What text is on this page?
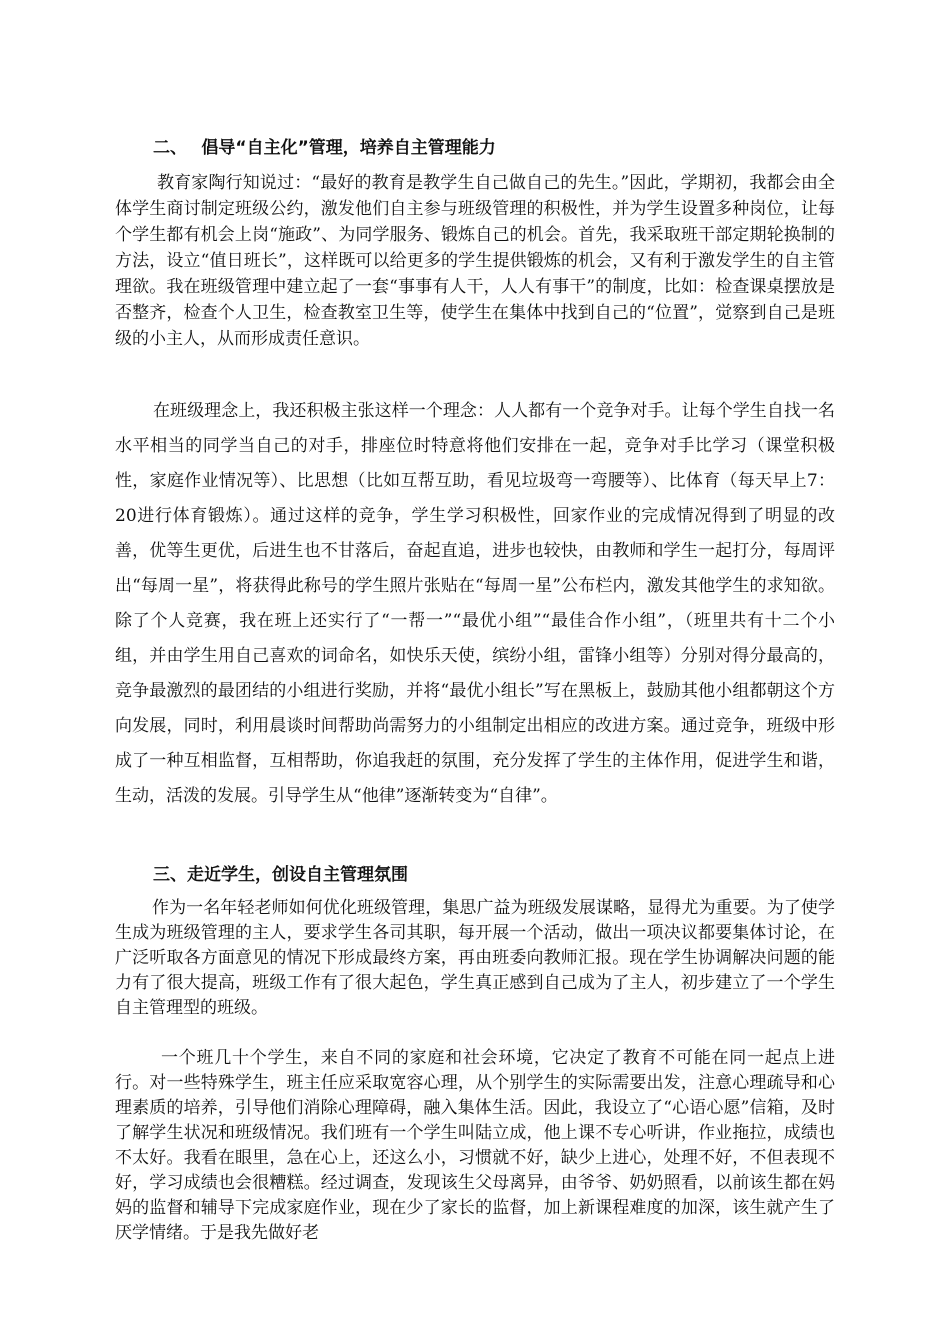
二、　 倡导“自主化”管理，培养自主管理能力

教育家陶行知说过：“最好的教育是教学生自己做自己的先生。”因此，学期初，我都会由全体学生商讨制定班级公约，激发他们自主参与班级管理的积极性，并为学生设置多种岗位，让每个学生都有机会上岗“施政”、为同学服务、锻炼自己的机会。首先，我采取班干部定期轮换制的方法，设立“值日班长”，这样既可以给更多的学生提供锻炼的机会，又有利于激发学生的自主管理欲。我在班级管理中建立起了一套“事事有人干，人人有事干”的制度，比如：检查课桌摆放是否整齐，检查个人卫生，检查教室卫生等，使学生在集体中找到自己的“位置”，觉察到自己是班级的小主人，从而形成责任意识。

在班级理念上，我还积极主张这样一个理念：人人都有一个竞争对手。让每个学生自找一名水平相当的同学当自己的对手，排座位时特意将他们安排在一起，竞争对手比学习（课堂积极性，家庭作业情况等）、比思想（比如互帮互助，看见垃圾弯一弯腰等）、比体育（每天早上7：20进行体育锻炼）。通过这样的竞争，学生学习积极性，回家作业的完成情况得到了明显的改善，优等生更优，后进生也不甘落后，奋起直追，进步也较快，由教师和学生一起打分，每周评出“每周一星”，将获得此称号的学生照片张贴在“每周一星”公布栏内，激发其他学生的求知欲。除了个人竞赛，我在班上还实行了“一帮一”“最优小组”“最佳合作小组”，（班里共有十二个小组，并由学生用自己喜欢的词命名，如快乐天使，缤纷小组，雷锋小组等）分别对得分最高的，竞争最激烈的最团结的小组进行奖励，并将“最优小组长”写在黑板上，鼓励其他小组都朝这个方向发展，同时，利用晨谈时间帮助尚需努力的小组制定出相应的改进方案。通过竞争，班级中形成了一种互相监督，互相帮助，你追我赶的氛围，充分发挥了学生的主体作用，促进学生和谐，生动，活泼的发展。引导学生从“他律”逐渐转变为“自律”。

三、走近学生，创设自主管理氛围

作为一名年轻老师如何优化班级管理，集思广益为班级发展谋略，显得尤为重要。为了使学生成为班级管理的主人，要求学生各司其职，每开展一个活动，做出一项决议都要集体讨论，在广泛听取各方面意见的情况下形成最终方案，再由班委向教师汇报。现在学生协调解决问题的能力有了很大提高，班级工作有了很大起色，学生真正感到自己成为了主人，初步建立了一个学生自主管理型的班级。

一个班几十个学生，来自不同的家庭和社会环境，它决定了教育不可能在同一起点上进行。对一些特殊学生，班主任应采取宽容心理，从个别学生的实际需要出发，注意心理疏导和心理素质的培养，引导他们消除心理障碍，融入集体生活。因此，我设立了“心语心愿”信箱，及时了解学生状况和班级情况。我们班有一个学生叫陆立成，他上课不专心听讲，作业拖拉，成绩也不太好。我看在眼里，急在心上，还这么小，习惯就不好，缺少上进心，处理不好，不但表现不好，学习成绩也会很糟糕。经过调查，发现该生父母离异，由爷爷、奶奶照看，以前该生都在妈妈的监督和辅导下完成家庭作业，现在少了家长的监督，加上新课程难度的加深，该生就产生了厌学情绪。于是我先做好老
